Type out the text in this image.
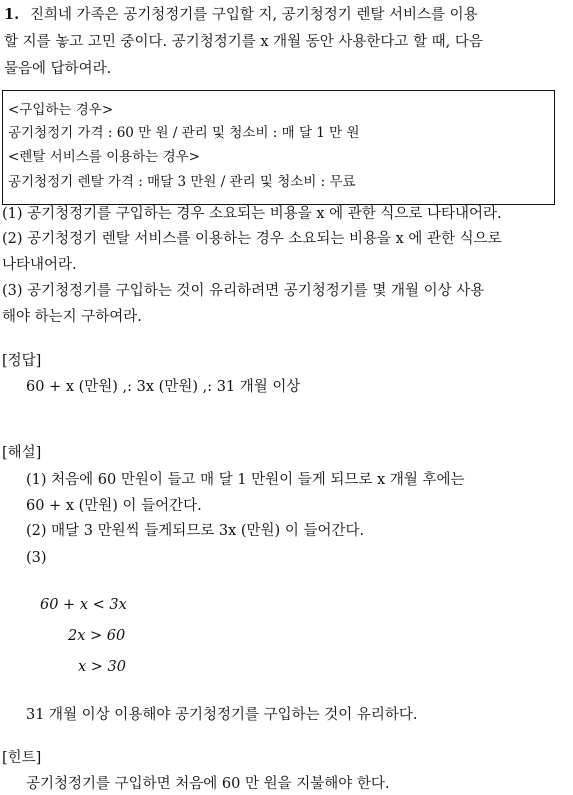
1. 진희네 가족은 공기청정기를 구입할 지, 공기청정기 렌탈 서비스를 이용
할 지를 놓고 고민 중이다. 공기청정기를 x 개월 동안 사용한다고 할 때, 다음
물음에 답하여라.
<구입하는 경우>
공기청정기 가격 : 60 만 원 / 관리 및 청소비 : 매 달 1 만 원
<렌탈 서비스를 이용하는 경우>
공기청정기 렌탈 가격 : 매달 3 만원 / 관리 및 청소비 : 무료
(1) 공기청정기를 구입하는 경우 소요되는 비용을 x 에 관한 식으로 나타내어라.
(2) 공기청정기 렌탈 서비스를 이용하는 경우 소요되는 비용을 x 에 관한 식으로
나타내어라.
(3) 공기청정기를 구입하는 것이 유리하려면 공기청정기를 몇 개월 이상 사용
해야 하는지 구하여라.
[정답]
60 + x (만원) ,: 3x (만원) ,: 31 개월 이상
[해설]
(1) 처음에 60 만원이 들고 매 달 1 만원이 들게 되므로 x 개월 후에는
60 + x (만원) 이 들어간다.
(2) 매달 3 만원씩 들게되므로 3x (만원) 이 들어간다.
(3)
60 + x < 3x
2x > 60
x > 30
31 개월 이상 이용해야 공기청정기를 구입하는 것이 유리하다.
[힌트]
공기청정기를 구입하면 처음에 60 만 원을 지불해야 한다.
